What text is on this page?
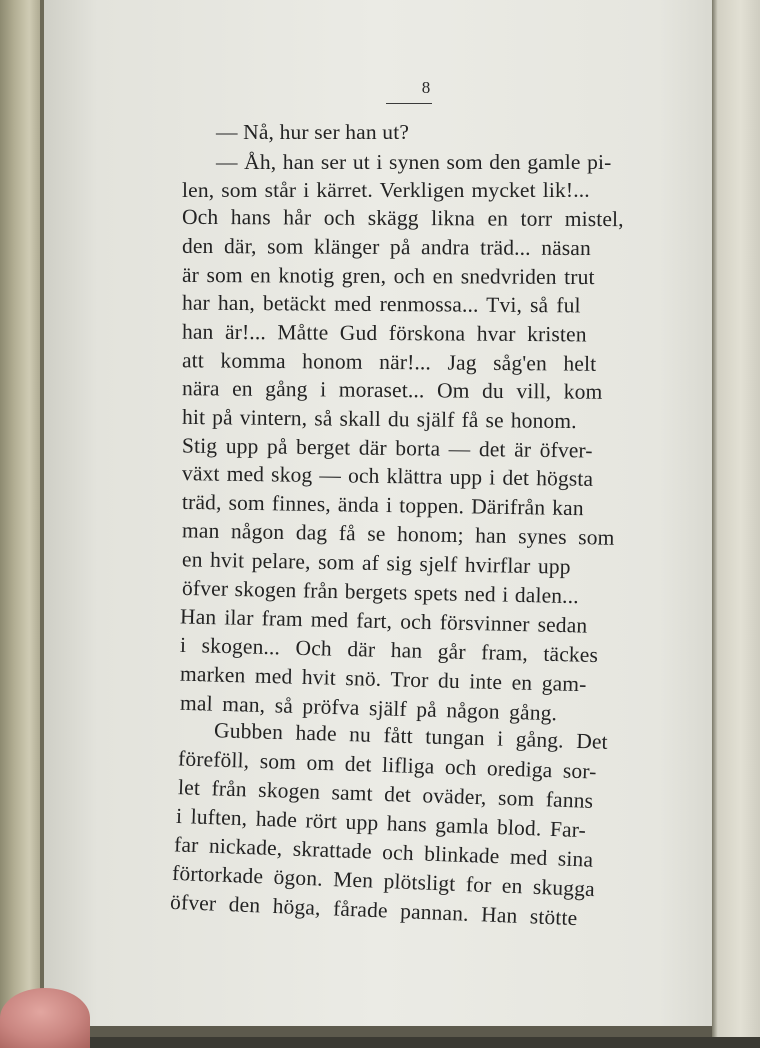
8
— Nå, hur ser han ut?
— Åh, han ser ut i synen som den gamle pi-
len, som står i kärret. Verkligen mycket lik!...
Och hans hår och skägg likna en torr mistel,
den där, som klänger på andra träd... näsan
är som en knotig gren, och en snedvriden trut
har han, betäckt med renmossa... Tvi, så ful
han är!... Måtte Gud förskona hvar kristen
att komma honom när!... Jag såg'en helt
nära en gång i moraset... Om du vill, kom
hit på vintern, så skall du själf få se honom.
Stig upp på berget där borta — det är öfver-
växt med skog — och klättra upp i det högsta
träd, som finnes, ända i toppen. Därifrån kan
man någon dag få se honom; han synes som
en hvit pelare, som af sig sjelf hvirflar upp
öfver skogen från bergets spets ned i dalen...
Han ilar fram med fart, och försvinner sedan
i skogen... Och där han går fram, täckes
marken med hvit snö. Tror du inte en gam-
mal man, så pröfva själf på någon gång.
Gubben hade nu fått tungan i gång. Det
föreföll, som om det lifliga och orediga sor-
let från skogen samt det oväder, som fanns
i luften, hade rört upp hans gamla blod. Far-
far nickade, skrattade och blinkade med sina
förtorkade ögon. Men plötsligt for en skugga
öfver den höga, fårade pannan. Han stötte
